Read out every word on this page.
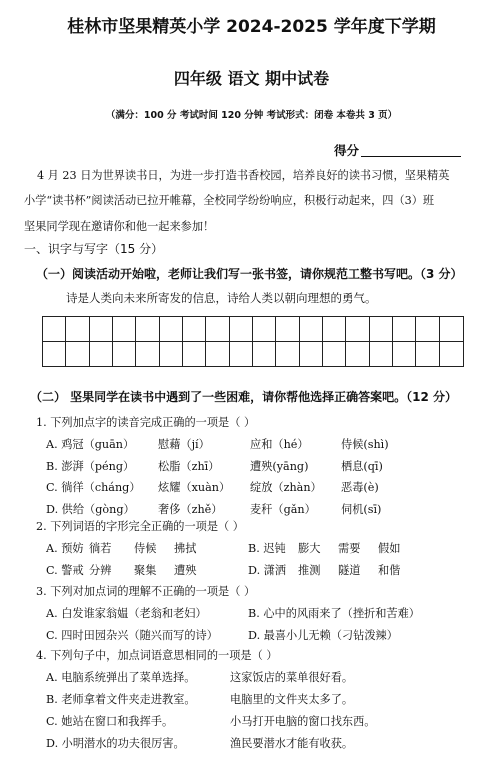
桂林市坚果精英小学 2024-2025 学年度下学期
四年级 语文 期中试卷
（满分：100 分 考试时间 120 分钟 考试形式：闭卷 本卷共 3 页）
得分
4 月 23 日为世界读书日，为进一步打造书香校园，培养良好的读书习惯，坚果精英
小学“读书杯”阅读活动已拉开帷幕，全校同学纷纷响应，积极行动起来，四（3）班
坚果同学现在邀请你和他一起来参加！
一、识字与写字（15 分）
（一）阅读活动开始啦，老师让我们写一张书签，请你规范工整书写吧。（3 分）
诗是人类向未来所寄发的信息，诗给人类以朝向理想的勇气。
（二） 坚果同学在读书中遇到了一些困难，请你帮他选择正确答案吧。（12 分）
1. 下列加点字的读音完成正确的一项是（ ）
A. 鸡冠（guān） 慰藉（jí）	应和（hé）	侍候(shì)
B. 澎湃（péng） 松脂（zhī）	遭殃(yāng)	栖息(qī)
C. 徜徉（cháng） 炫耀（xuàn） 绽放（zhàn） 恶毒(è)
D. 供给（gòng） 奢侈（zhě） 麦秆（gǎn） 伺机(sī)
2. 下列词语的字形完全正确的一项是（ ）
A. 预妨 徜若 侍候 拂拭	B. 迟钝 膨大 需要 假如
C. 警戒 分辨 聚集 遭殃	D. 潇洒 推测 隧道 和偕
3. 下列对加点词的理解不正确的一项是（ ）
A. 白发谁家翁媪（老翁和老妇）	B. 心中的风雨来了（挫折和苦难）
C. 四时田园杂兴（随兴而写的诗）	D. 最喜小儿无赖（刁钻泼辣）
4. 下列句子中，加点词语意思相同的一项是（ ）
A. 电脑系统弹出了菜单选择。	这家饭店的菜单很好看。
B. 老师拿着文件夹走进教室。	电脑里的文件夹太多了。
C. 她站在窗口和我挥手。	小马打开电脑的窗口找东西。
D. 小明潜水的功夫很厉害。	渔民要潜水才能有收获。
